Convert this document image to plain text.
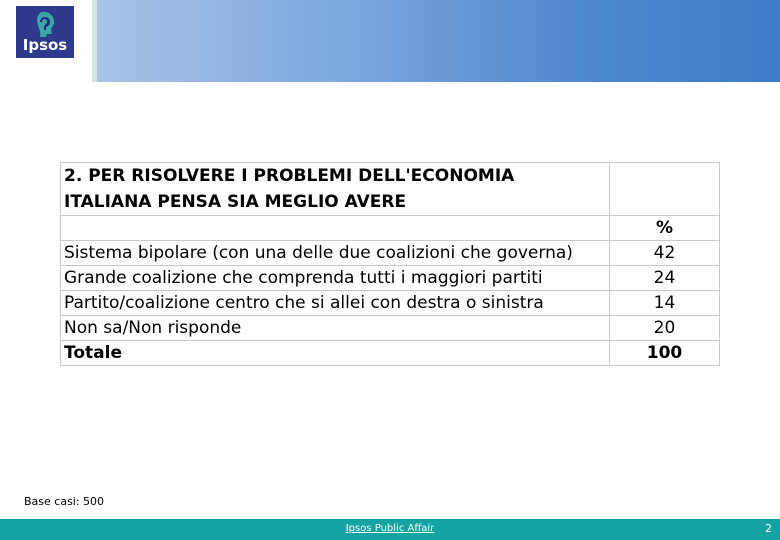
Ipsos
2. PER RISOLVERE I PROBLEMI DELL'ECONOMIA
ITALIANA PENSA SIA MEGLIO AVERE	

	%
Sistema bipolare (con una delle due coalizioni che governa)	42
Grande coalizione che comprenda tutti i maggiori partiti	24
Partito/coalizione centro che si allei con destra o sinistra	14
Non sa/Non risponde	20
Totale	100
Base casi: 500
Ipsos Public Affair	2
